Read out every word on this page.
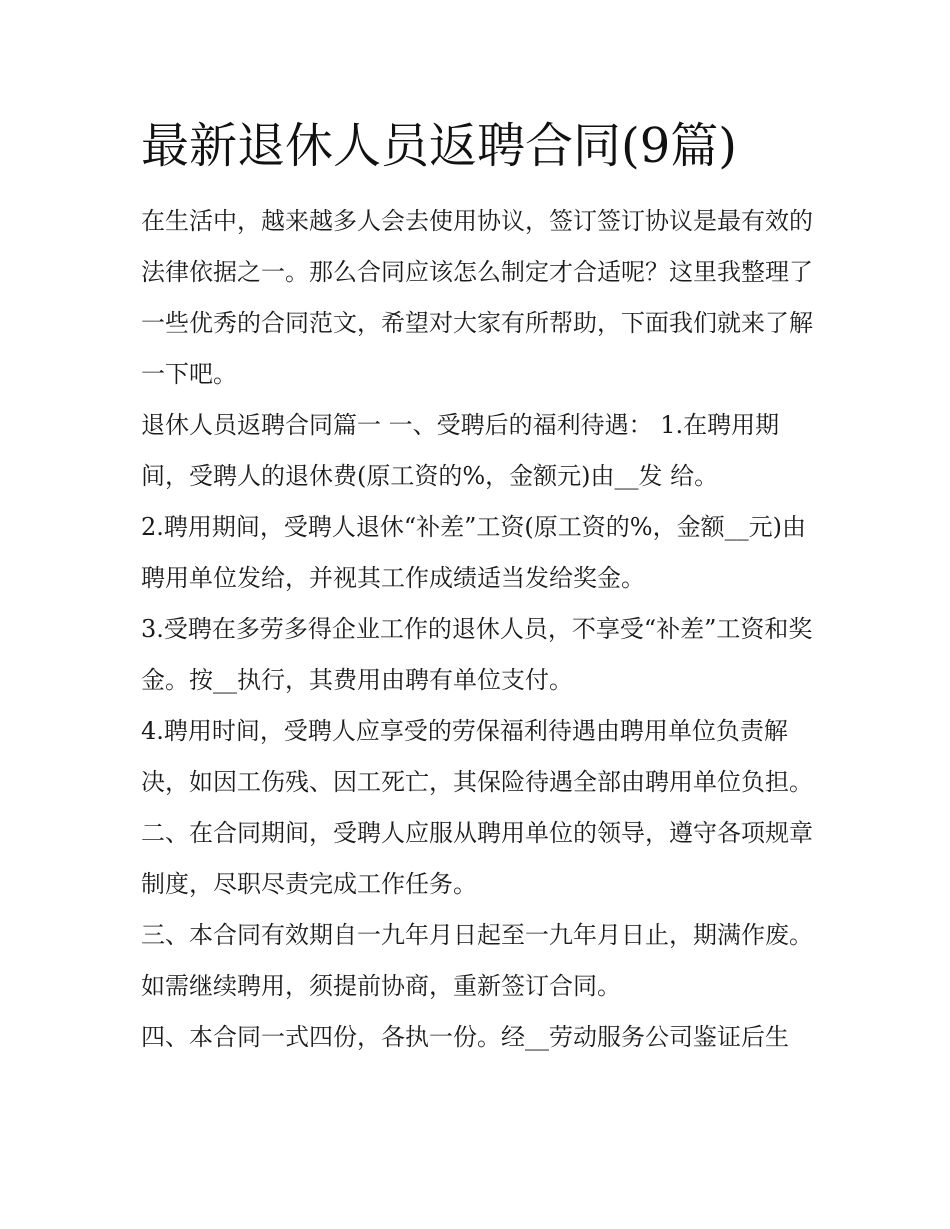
最新退休人员返聘合同(9篇)

在生活中，越来越多人会去使用协议，签订签订协议是最有效的法律依据之一。那么合同应该怎么制定才合适呢？这里我整理了一些优秀的合同范文，希望对大家有所帮助，下面我们就来了解一下吧。

退休人员返聘合同篇一 一、受聘后的福利待遇： 1.在聘用期间，受聘人的退休费(原工资的%，金额元)由__发 给。

2.聘用期间，受聘人退休“补差”工资(原工资的%，金额__元)由聘用单位发给，并视其工作成绩适当发给奖金。

3.受聘在多劳多得企业工作的退休人员，不享受“补差”工资和奖金。按__执行，其费用由聘有单位支付。

4.聘用时间，受聘人应享受的劳保福利待遇由聘用单位负责解决，如因工伤残、因工死亡，其保险待遇全部由聘用单位负担。

二、在合同期间，受聘人应服从聘用单位的领导，遵守各项规章制度，尽职尽责完成工作任务。

三、本合同有效期自一九年月日起至一九年月日止，期满作废。如需继续聘用，须提前协商，重新签订合同。

四、本合同一式四份，各执一份。经__劳动服务公司鉴证后生
